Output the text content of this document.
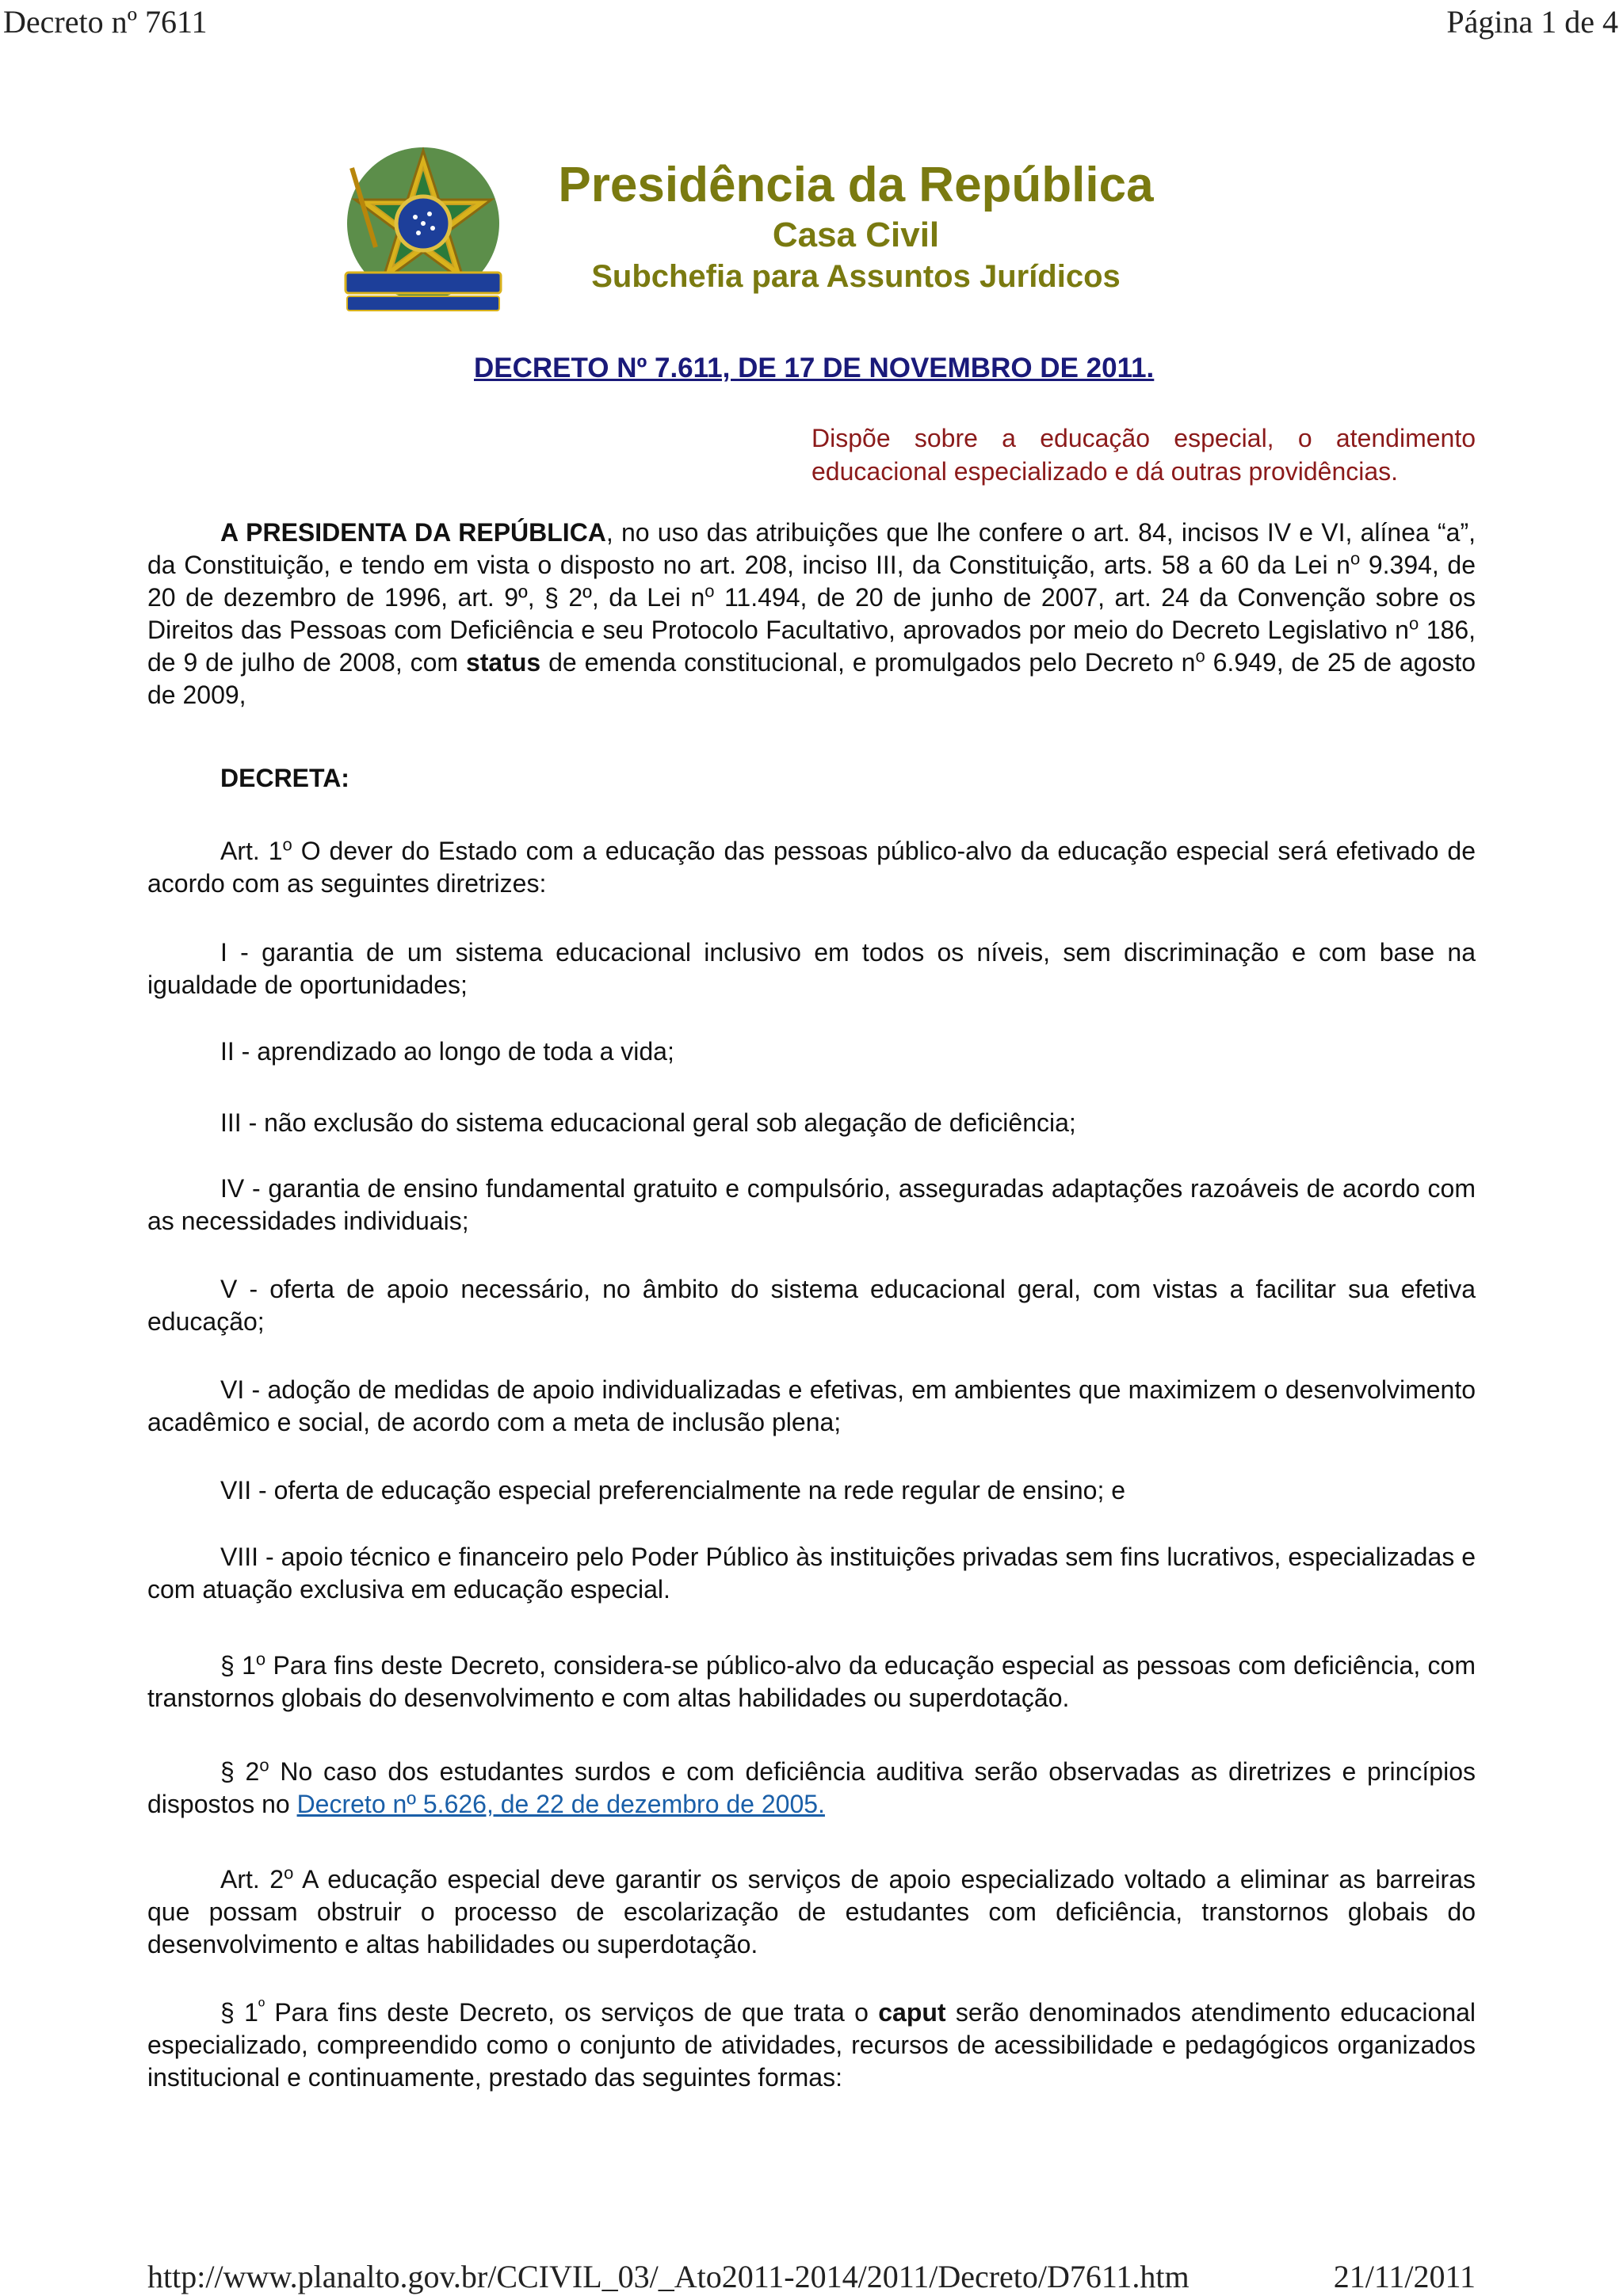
Decreto nº 7611	Página 1 de 4
Presidência da República
Casa Civil
Subchefia para Assuntos Jurídicos
DECRETO Nº 7.611, DE 17 DE NOVEMBRO DE 2011.
Dispõe sobre a educação especial, o atendimento educacional especializado e dá outras providências.
A PRESIDENTA DA REPÚBLICA, no uso das atribuições que lhe confere o art. 84, incisos IV e VI, alínea “a”, da Constituição, e tendo em vista o disposto no art. 208, inciso III, da Constituição, arts. 58 a 60 da Lei $n^o$ 9.394, de 20 de dezembro de 1996, art. 9º, § 2º, da Lei $n^o$ 11.494, de 20 de junho de 2007, art. 24 da Convenção sobre os Direitos das Pessoas com Deficiência e seu Protocolo Facultativo, aprovados por meio do Decreto Legislativo $n^o$ 186, de 9 de julho de 2008, com status de emenda constitucional, e promulgados pelo Decreto $n^o$ 6.949, de 25 de agosto de 2009,
DECRETA:
Art. 1$^o$ O dever do Estado com a educação das pessoas público-alvo da educação especial será efetivado de acordo com as seguintes diretrizes:
I - garantia de um sistema educacional inclusivo em todos os níveis, sem discriminação e com base na igualdade de oportunidades;
II - aprendizado ao longo de toda a vida;
III - não exclusão do sistema educacional geral sob alegação de deficiência;
IV - garantia de ensino fundamental gratuito e compulsório, asseguradas adaptações razoáveis de acordo com as necessidades individuais;
V - oferta de apoio necessário, no âmbito do sistema educacional geral, com vistas a facilitar sua efetiva educação;
VI - adoção de medidas de apoio individualizadas e efetivas, em ambientes que maximizem o desenvolvimento acadêmico e social, de acordo com a meta de inclusão plena;
VII - oferta de educação especial preferencialmente na rede regular de ensino; e
VIII - apoio técnico e financeiro pelo Poder Público às instituições privadas sem fins lucrativos, especializadas e com atuação exclusiva em educação especial.
§ 1$^o$ Para fins deste Decreto, considera-se público-alvo da educação especial as pessoas com deficiência, com transtornos globais do desenvolvimento e com altas habilidades ou superdotação.
§ 2$^o$ No caso dos estudantes surdos e com deficiência auditiva serão observadas as diretrizes e princípios dispostos no Decreto nº 5.626, de 22 de dezembro de 2005.
Art. 2$^o$ A educação especial deve garantir os serviços de apoio especializado voltado a eliminar as barreiras que possam obstruir o processo de escolarização de estudantes com deficiência, transtornos globais do desenvolvimento e altas habilidades ou superdotação.
§ $1^º$ Para fins deste Decreto, os serviços de que trata o caput serão denominados atendimento educacional especializado, compreendido como o conjunto de atividades, recursos de acessibilidade e pedagógicos organizados institucional e continuamente, prestado das seguintes formas:
http://www.planalto.gov.br/CCIVIL_03/_Ato2011-2014/2011/Decreto/D7611.htm	21/11/2011
